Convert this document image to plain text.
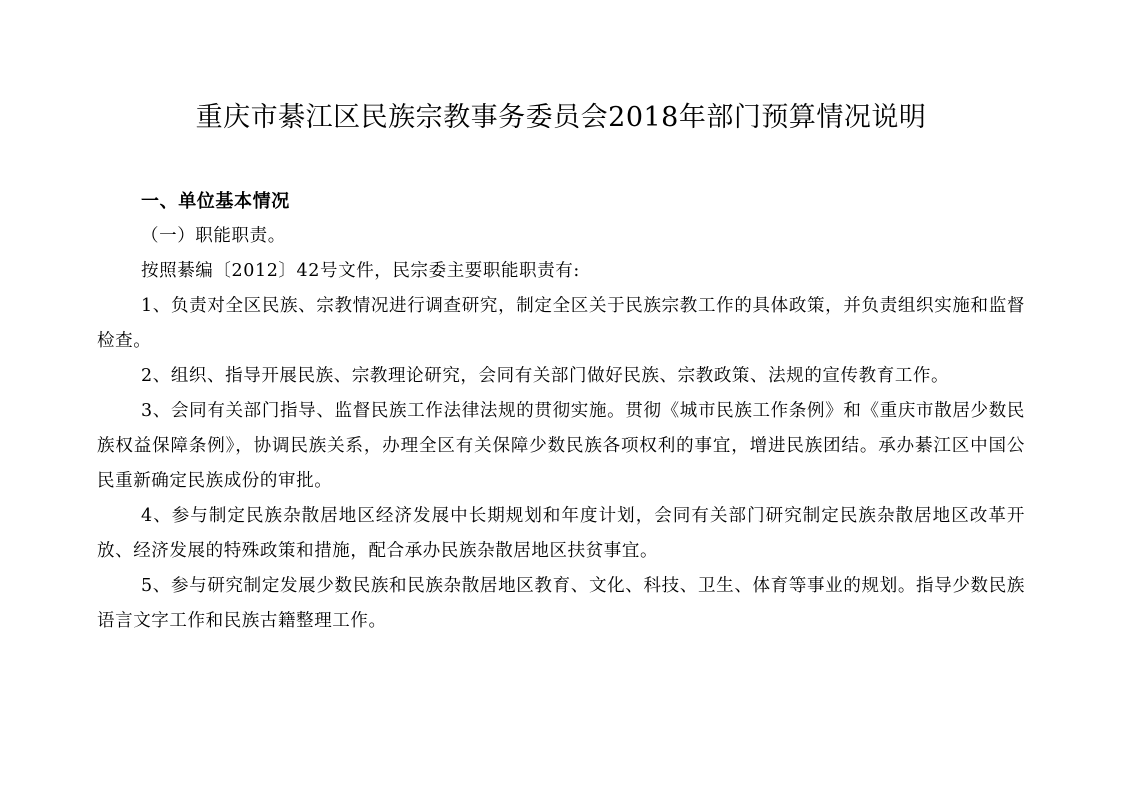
重庆市綦江区民族宗教事务委员会2018年部门预算情况说明

一、单位基本情况

（一）职能职责。

按照綦编〔2012〕42号文件，民宗委主要职能职责有:

1、负责对全区民族、宗教情况进行调查研究，制定全区关于民族宗教工作的具体政策，并负责组织实施和监督检查。

2、组织、指导开展民族、宗教理论研究，会同有关部门做好民族、宗教政策、法规的宣传教育工作。

3、会同有关部门指导、监督民族工作法律法规的贯彻实施。贯彻《城市民族工作条例》和《重庆市散居少数民族权益保障条例》，协调民族关系，办理全区有关保障少数民族各项权利的事宜，增进民族团结。承办綦江区中国公民重新确定民族成份的审批。

4、参与制定民族杂散居地区经济发展中长期规划和年度计划，会同有关部门研究制定民族杂散居地区改革开放、经济发展的特殊政策和措施，配合承办民族杂散居地区扶贫事宜。

5、参与研究制定发展少数民族和民族杂散居地区教育、文化、科技、卫生、体育等事业的规划。指导少数民族语言文字工作和民族古籍整理工作。
